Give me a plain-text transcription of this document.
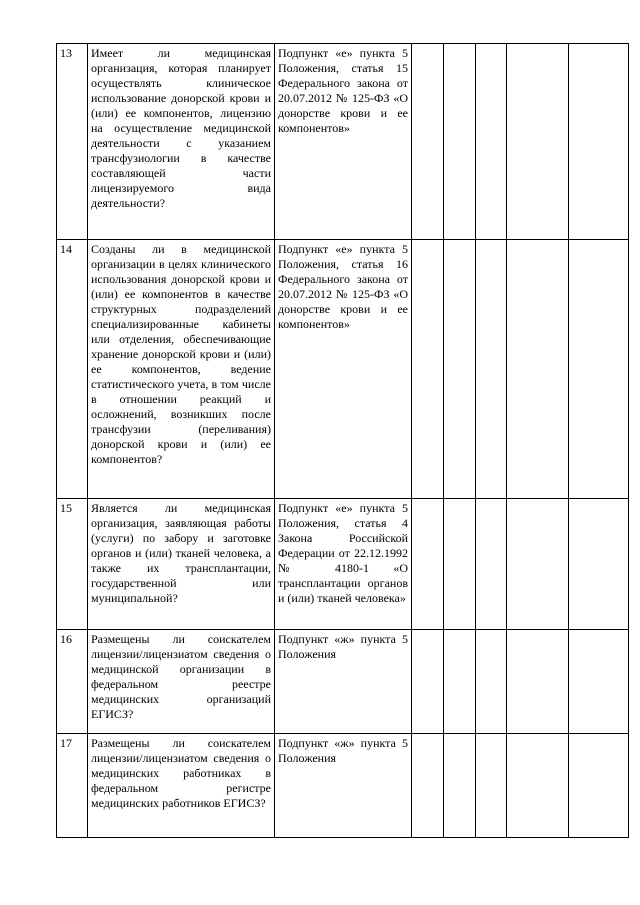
13	Имеет ли медицинская организация, которая планирует осуществлять клиническое использование донорской крови и (или) ее компонентов, лицензию на осуществление медицинской деятельности с указанием трансфузиологии в качестве составляющей части лицензируемого вида деятельности?	Подпункт «е» пункта 5 Положения, статья 15 Федерального закона от 20.07.2012 № 125-ФЗ «О донорстве крови и ее компонентов»					
14	Созданы ли в медицинской организации в целях клинического использования донорской крови и (или) ее компонентов в качестве структурных подразделений специализированные кабинеты или отделения, обеспечивающие хранение донорской крови и (или) ее компонентов, ведение статистического учета, в том числе в отношении реакций и осложнений, возникших после трансфузии (переливания) донорской крови и (или) ее компонентов?	Подпункт «е» пункта 5 Положения, статья 16 Федерального закона от 20.07.2012 № 125-ФЗ «О донорстве крови и ее компонентов»					
15	Является ли медицинская организация, заявляющая работы (услуги) по забору и заготовке органов и (или) тканей человека, а также их трансплантации, государственной или муниципальной?	Подпункт «е» пункта 5 Положения, статья 4 Закона Российской Федерации от 22.12.1992 № 4180-1 «О трансплантации органов и (или) тканей человека»					
16	Размещены ли соискателем лицензии/лицензиатом сведения о медицинской организации в федеральном реестре медицинских организаций ЕГИСЗ?	Подпункт «ж» пункта 5 Положения					
17	Размещены ли соискателем лицензии/лицензиатом сведения о медицинских работниках в федеральном регистре медицинских работников ЕГИСЗ?	Подпункт «ж» пункта 5 Положения					
